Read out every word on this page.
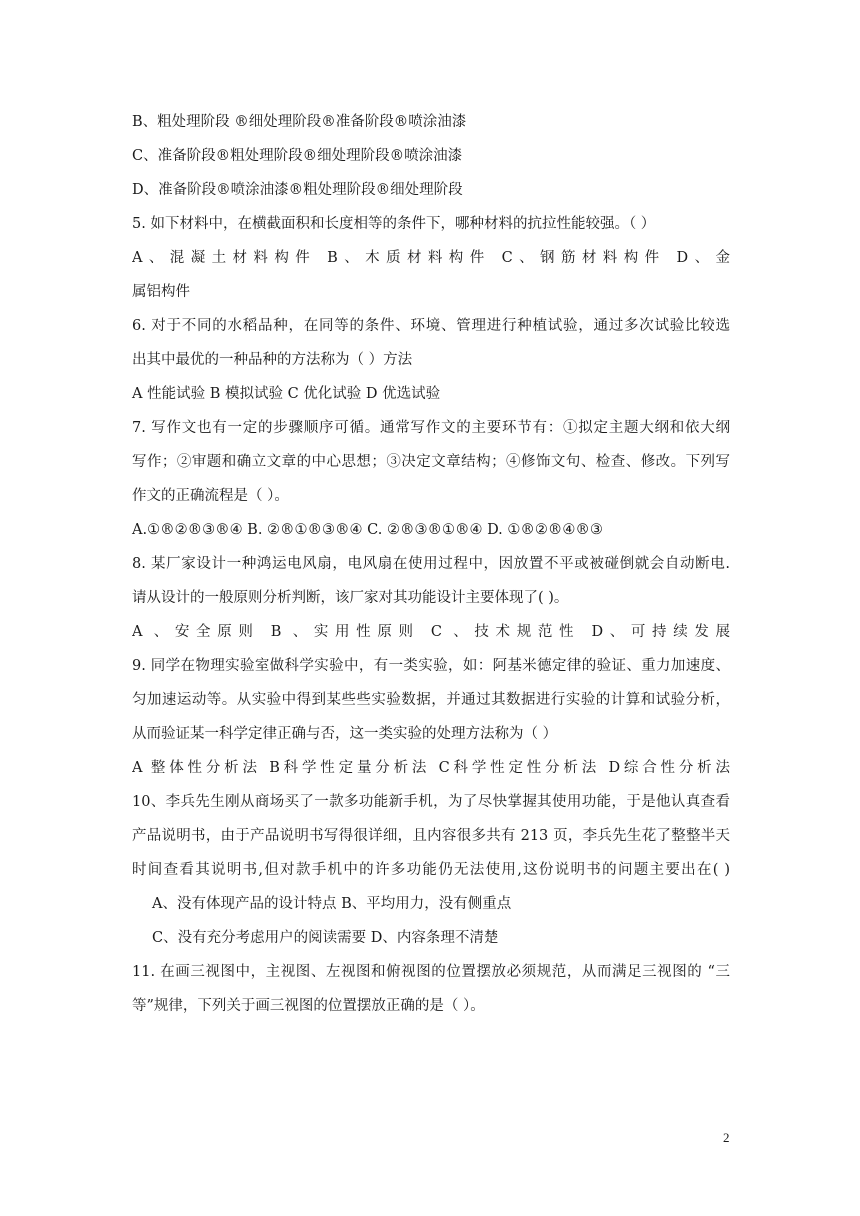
B、粗处理阶段 ®细处理阶段®准备阶段®喷涂油漆
C、准备阶段®粗处理阶段®细处理阶段®喷涂油漆
D、准备阶段®喷涂油漆®粗处理阶段®细处理阶段
5. 如下材料中，在横截面积和长度相等的条件下，哪种材料的抗拉性能较强。（ ）
A、混凝土材料构件 B、木质材料构件 C、钢筋材料构件 D、金
属铝构件
6. 对于不同的水稻品种，在同等的条件、环境、管理进行种植试验，通过多次试验比较选
出其中最优的一种品种的方法称为（ ）方法
A 性能试验 B 模拟试验 C 优化试验 D 优选试验
7. 写作文也有一定的步骤顺序可循。通常写作文的主要环节有：①拟定主题大纲和依大纲
写作；②审题和确立文章的中心思想；③决定文章结构；④修饰文句、检查、修改。下列写
作文的正确流程是（ ）。
A.①®②®③®④ B. ②®①®③®④ C. ②®③®①®④ D. ①®②®④®③
8. 某厂家设计一种鸿运电风扇，电风扇在使用过程中，因放置不平或被碰倒就会自动断电.
请从设计的一般原则分析判断，该厂家对其功能设计主要体现了( )。
A 、安全原则 B 、实用性原则 C 、技术规范性 D、可持续发展
9. 同学在物理实验室做科学实验中，有一类实验，如：阿基米德定律的验证、重力加速度、
匀加速运动等。从实验中得到某些些实验数据，并通过其数据进行实验的计算和试验分析，
从而验证某一科学定律正确与否，这一类实验的处理方法称为（ ）
A 整体性分析法 B科学性定量分析法 C科学性定性分析法 D综合性分析法
10、李兵先生刚从商场买了一款多功能新手机，为了尽快掌握其使用功能，于是他认真查看
产品说明书，由于产品说明书写得很详细，且内容很多共有 213 页，李兵先生花了整整半天
时间查看其说明书,但对款手机中的许多功能仍无法使用,这份说明书的问题主要出在( )
A、没有体现产品的设计特点 B、平均用力，没有侧重点
C、没有充分考虑用户的阅读需要 D、内容条理不清楚
11. 在画三视图中，主视图、左视图和俯视图的位置摆放必须规范，从而满足三视图的 “三
等”规律，下列关于画三视图的位置摆放正确的是（ ）。
2
